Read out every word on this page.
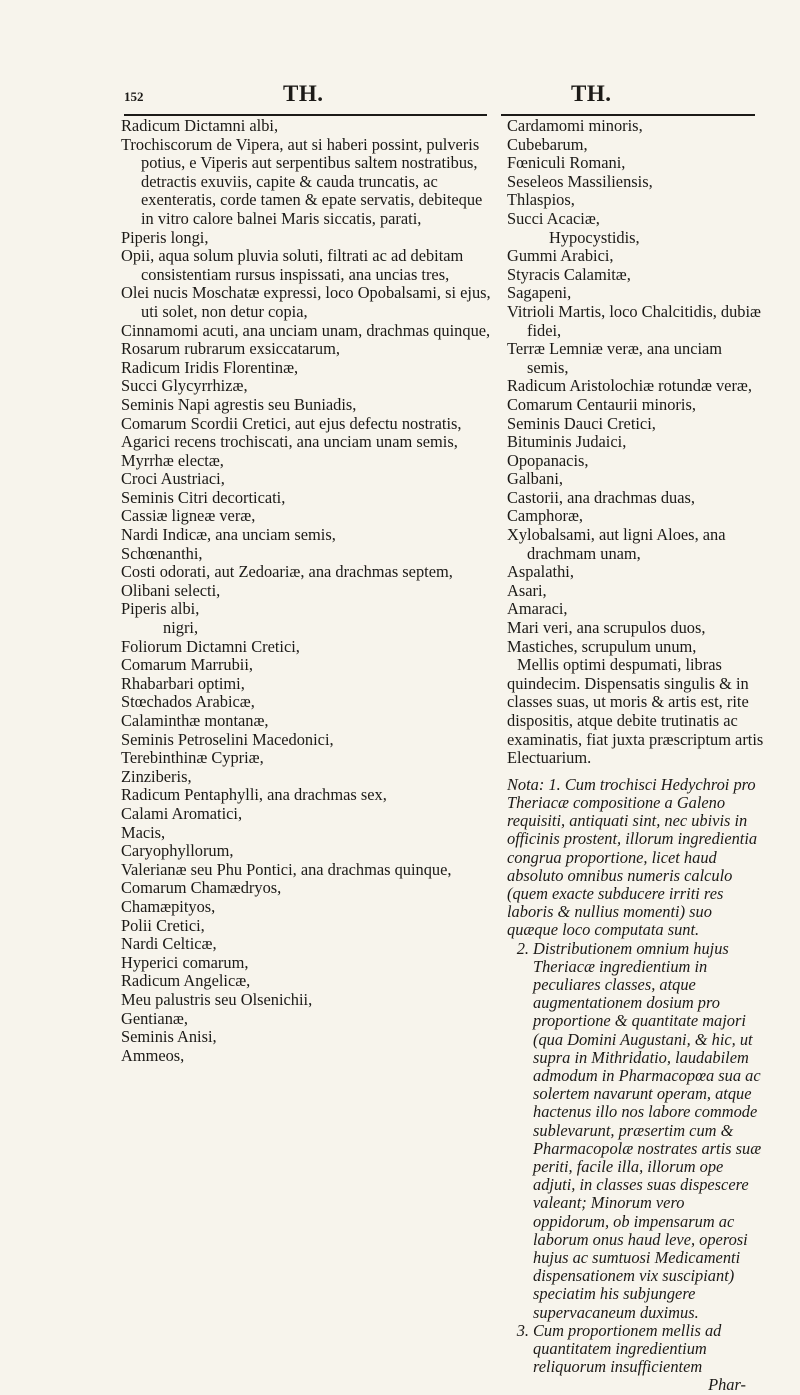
152	TH.	TH.
Radicum Dictamni albi,
Trochiscorum de Vipera, aut si haberi possint, pulveris potius, e Viperis aut serpentibus saltem nostratibus, detractis exuviis, capite & cauda truncatis, ac exenteratis, corde tamen & epate servatis, debiteque in vitro calore balnei Maris siccatis, parati,
Piperis longi,
Opii, aqua solum pluvia soluti, filtrati ac ad debitam consistentiam rursus inspissati, ana uncias tres,
Olei nucis Moschatæ expressi, loco Opobalsami, si ejus, uti solet, non detur copia,
Cinnamomi acuti, ana unciam unam, drachmas quinque,
Rosarum rubrarum exsiccatarum,
Radicum Iridis Florentinæ,
Succi Glycyrrhizæ,
Seminis Napi agrestis seu Buniadis,
Comarum Scordii Cretici, aut ejus defectu nostratis,
Agarici recens trochiscati, ana unciam unam semis,
Myrrhæ electæ,
Croci Austriaci,
Seminis Citri decorticati,
Cassiæ ligneæ veræ,
Nardi Indicæ, ana unciam semis,
Schœnanthi,
Costi odorati, aut Zedoariæ, ana drachmas septem,
Olibani selecti,
Piperis albi,
nigri,
Foliorum Dictamni Cretici,
Comarum Marrubii,
Rhabarbari optimi,
Stœchados Arabicæ,
Calaminthæ montanæ,
Seminis Petroselini Macedonici,
Terebinthinæ Cypriæ,
Zinziberis,
Radicum Pentaphylli, ana drachmas sex,
Calami Aromatici,
Macis,
Caryophyllorum,
Valerianæ seu Phu Pontici, ana drachmas quinque,
Comarum Chamædryos,
Chamæpityos,
Polii Cretici,
Nardi Celticæ,
Hyperici comarum,
Radicum Angelicæ,
Meu palustris seu Olsenichii,
Gentianæ,
Seminis Anisi,
Ammeos,
Cardamomi minoris,
Cubebarum,
Fœniculi Romani,
Seseleos Massiliensis,
Thlaspios,
Succi Acaciæ,
Hypocystidis,
Gummi Arabici,
Styracis Calamitæ,
Sagapeni,
Vitrioli Martis, loco Chalcitidis, dubiæ fidei,
Terræ Lemniæ veræ, ana unciam semis,
Radicum Aristolochiæ rotundæ veræ,
Comarum Centaurii minoris,
Seminis Dauci Cretici,
Bituminis Judaici,
Opopanacis,
Galbani,
Castorii, ana drachmas duas,
Camphoræ,
Xylobalsami, aut ligni Aloes, ana drachmam unam,
Aspalathi,
Asari,
Amaraci,
Mari veri, ana scrupulos duos,
Mastiches, scrupulum unum,
Mellis optimi despumati, libras quindecim. Dispensatis singulis & in classes suas, ut moris & artis est, rite dispositis, atque debite trutinatis ac examinatis, fiat juxta præscriptum artis Electuarium.
Nota: 1. Cum trochisci Hedychroi pro Theriacæ compositione a Galeno requisiti, antiquati sint, nec ubivis in officinis prostent, illorum ingredientia congrua proportione, licet haud absoluto omnibus numeris calculo (quem exacte subducere irriti res laboris & nullius momenti) suo quæque loco computata sunt.
2. Distributionem omnium hujus Theriacæ ingredientium in peculiares classes, atque augmentationem dosium pro proportione & quantitate majori (qua Domini Augustani, & hic, ut supra in Mithridatio, laudabilem admodum in Pharmacopœa sua ac solertem navarunt operam, atque hactenus illo nos labore commode sublevarunt, præsertim cum & Pharmacopolæ nostrates artis suæ periti, facile illa, illorum ope adjuti, in classes suas dispescere valeant; Minorum vero oppidorum, ob impensarum ac laborum onus haud leve, operosi hujus ac sumtuosi Medicamenti dispensationem vix suscipiant) speciatim his subjungere supervacaneum duximus.
3. Cum proportionem mellis ad quantitatem ingredientium reliquorum insufficientem
Phar-
